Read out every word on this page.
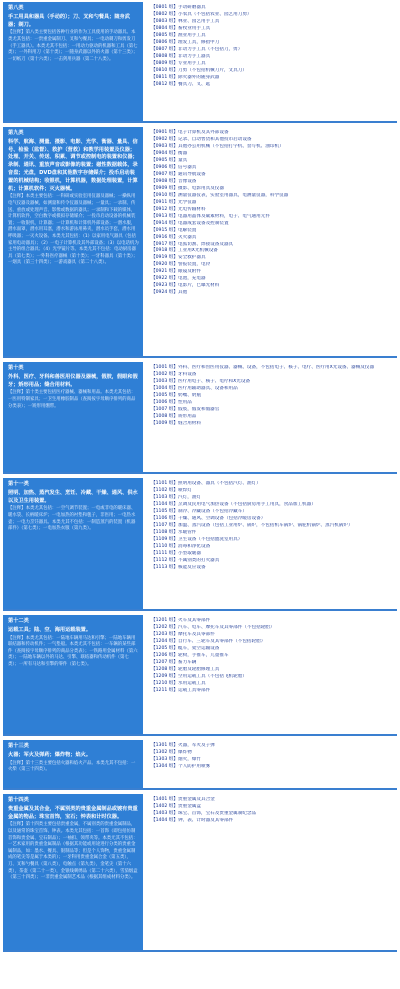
第八类
手工用具和器具（手动的）；刀、叉和勺餐具；随身武器；剃刀。
【注释】第八类主要包括各种行业的作为工具使用的手动器具。本类尤其包括：一贵重金属制刀、叉和勺餐具；一电动剃刀和剪发刀（手工器具）。本类尤其不包括：一用动力驱动的机器和工具（第七类）；一外科用刀（第十类）；一随身武器以外的火器（第十三类）；一切纸刀（第十六类）；一击剑用兵器（第二十八类）。
【0801 组】 手动研磨器具
【0802 组】 小农具（不包括农业、园艺用刀剪）
【0803 组】 林业、园艺用手工具
【0804 组】 畜牧业用手工具
【0805 组】 渔业用手工具
【0806 组】 理发工具，修指甲刀
【0807 组】 非动力手工具（不包括刀，剪）
【0808 组】 非动力手工器具
【0809 组】 专业用手工具
【0810 组】 刀剪（不包括机械刀片，文具刀）
【0811 组】 除火器外的随身武器
【0812 组】 餐具刀、叉、匙
第九类
科学、航海、测量、摄影、电影、光学、衡器、量具、信号、检验（监督）、救护（营救）和教学用装置及仪器；处理、开关、传送、积累、调节或控制电的装置和仪器；录制、通讯、重放声音或影像的装置；磁性数据载体，录音盘；光盘，DVD盘和其他数字存储媒介；投币启动装置的机械结构；收银机，计算机器，数据处理装置，计算机；计算机软件；灭火器械。
【注释】本类主要包括：一科研或实验室用仪器及器械；一操纵用电气仪器及器械，如测量和传令仪器及器械；一量具；一录制、传送、重放或处理声音、影像或数据的器具；一录制和下载的媒体，计算机软件，空白数字或模拟存储媒介；一投币启动设备的机械装置；一收银机，计算器；一计算机和计算机外部设备；一潜水服，潜水面罩，潜水用耳塞，潜水和游泳用鼻夹，潜水员手套，潜水用呼吸器；一灭火设备。本类尤其包括：（1）以家用电气器具（包括家用电动器具）；（2）一电子计算机及其外部设备；（3）以电话机为主导的组合器具；（4）光学镜片等。本类尤其不包括：电动厨房器具（第七类）；一外科医疗器械（第十类）；一牙科器具（第十类）；一烟具（第三十四类）；一游戏器具（第二十八类）。
【0901 组】 电子计算机及其外部设备
【0902 组】 记录、自动售货和其他投币启动设备
【0903 组】 其他办公用机械（不包括打字机、誊写机、油印机）
【0904 组】 衡器
【0905 组】 量具
【0906 组】 信号器具
【0907 组】 通讯导航设备
【0908 组】 音像设备
【0909 组】 摄影、电影用具及仪器
【0910 组】 测量仪器仪表，实验室用器具，电测量仪器，科学仪器
【0911 组】 光学仪器
【0912 组】 光电传输材料
【0913 组】 电器用晶体及碳素材料，电子、电气通用元件
【0914 组】 电器成套设备及控制装置
【0915 组】 电解装置
【0916 组】 灭火器具
【0917 组】 电弧切割、焊接设备及器具
【0918 组】 工业用X光机械设备
【0919 组】 安全救护器具
【0920 组】 警报装置，电铃
【0921 组】 眼镜及附件
【0922 组】 电池，充电器
【0923 组】 电影片，已曝光材料
【0924 组】 其他
第十类
外科、医疗、牙科和兽医用仪器及器械，假肢，假眼和假牙；矫形用品；缝合用材料。
【注释】第十类主要包括医疗器械、器械和用品。本类尤其包括：一医用特制家具；一卫生用橡胶制品（查阅按字母顺序排列的商品分类表）；一矫形用绷带。
【1001 组】 外科、医疗和兽医用仪器、器械、设备，不包括电子、核子、电疗、医疗用X光设备、器械及仪器
【1002 组】 牙科设备
【1003 组】 医疗用电子、核子、电疗和X光设备
【1004 组】 医疗用辅助器具、设备和用品
【1005 组】 奶嘴、奶瓶
【1006 组】 性用品
【1007 组】 假肢，假发和假器官
【1008 组】 矫形用品
【1009 组】 缝合用材料
第十一类
照明、加热、蒸汽发生、烹饪、冷藏、干燥、通风、供水以及卫生用装置。
【注释】本类尤其包括：一空气调节装置；一电或非电的暖床器、暖水袋、长柄暖床炉；一电加热的衬垫和毯子，非医用；一电热水壶；一电力烹饪器具。本类尤其不包括：一制造蒸汽的装置（机器部件）（第七类）；一电加热衣服（第九类）。
【1101 组】 照明用设备、器具（不包括汽灯、油灯）
【1102 组】 喷焊灯
【1103 组】 汽灯，油灯
【1104 组】 烹调及民用电气加热设备（不包括厨房用手工用具，食品加工机器）
【1105 组】 制冷、冷藏设备（不包括冷藏车）
【1106 组】 干燥、通风、空调设备（包括冷暖房设备）
【1107 组】 加温、蒸汽设备（包括工业用炉、锅炉，不包括机车锅炉、锅驼机锅炉、蒸汽机锅炉）
【1108 组】 水暖管件
【1109 组】 卫生设备（不包括盥洗室用具）
【1110 组】 消毒和净化设备
【1111 组】 小型取暖器
【1112 组】 不属别类的打火器具
【1113 组】 核能反应设备
第十二类
运载工具；陆、空、海用运载装置。
【注释】本类尤其包括：一陆地车辆用马达和引擎；一陆地车辆用联结器和传动机件；一气垫船。本类尤其不包括：一车辆的某些部件（查阅按字母顺序排列的商品分类表）；一铁路用金属材料（第六类）；一陆地车辆以外的马达、引擎、联结器和传动机件（第七类）；一所有马达和引擎的零件（第七类）。
【1201 组】 火车及其零部件
【1202 组】 汽车、电车、摩托车及其零部件（不包括轮胎）
【1203 组】 摩托车及其零部件
【1204 组】 自行车、三轮车及其零部件（不包括轮胎）
【1205 组】 缆车，架空运输设备
【1206 组】 轮椅，手推车，儿童推车
【1207 组】 畜力车辆
【1208 组】 轮胎及轮胎修理工具
【1209 组】 空用运载工具（不包括飞机轮胎）
【1210 组】 水用运载工具
【1211 组】 运载工具零部件
第十三类
火器；军火及弹药；爆炸物；焰火。
【注释】第十三类主要包括火器和焰火产品。本类尤其不包括：一火柴（第三十四类）。
【1301 组】 火器，军火及子弹
【1302 组】 爆炸物
【1303 组】 烟火，爆竹
【1304 组】 个人防护用喷雾
第十四类
贵重金属及其合金，不属别类的贵重金属制品或镀有贵重金属的物品；珠宝首饰，宝石；钟表和计时仪器。
【注释】第十四类主要包括贵重金属，不属别类的贵重金属制品，以及通常的珠宝首饰、钟表。本类尤其包括：一首饰（即包括仿制首饰和贵金属、宝石制品）；一袖扣、领带夹等。本类尤其不包括：一艺术家用的贵重金属制品（根据其功能或用途进行分类的贵重金属制品，如：墨水、餐具、银制品等；但是个人饰物，贵重金属制成的笔尖等是属于本类的）；一牙科用贵重金属合金（第五类），刀、叉和勺餐具（第八类），电触点（第九类），金笔尖（第十六类），茶壶（第二十一类），金银线刺绣品（第二十六类），雪茄烟盒（第三十四类）；一非贵重金属制艺术品（根据其组成材料分类）。
【1401 组】 贵重金属及其合金
【1402 组】 贵重金属盒
【1403 组】 珠宝、首饰，宝石及贵重金属制纪念品
【1404 组】 钟、表、计时器及其零部件
